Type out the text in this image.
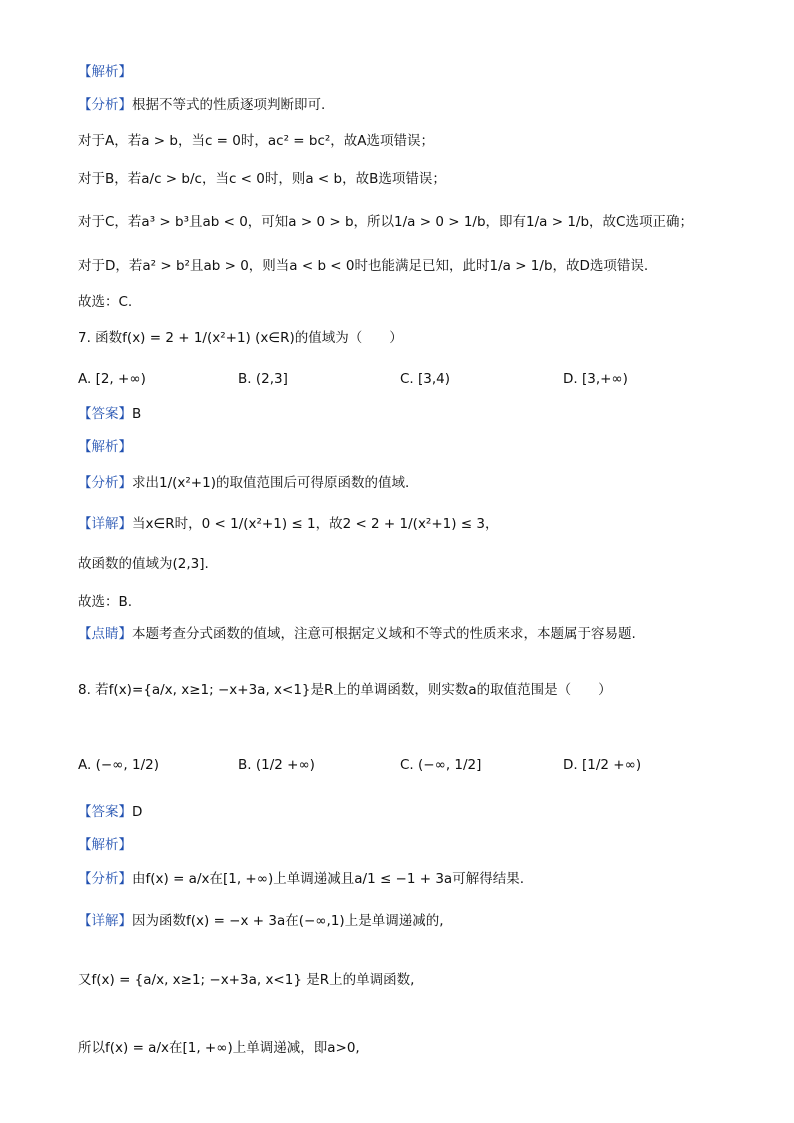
【解析】
【分析】根据不等式的性质逐项判断即可.
对于A，若a > b，当c = 0时，ac² = bc²，故A选项错误；
对于B，若a/c > b/c，当c < 0时，则a < b，故B选项错误；
对于C，若a³ > b³且ab < 0，可知a > 0 > b，所以1/a > 0 > 1/b，即有1/a > 1/b，故C选项正确；
对于D，若a² > b²且ab > 0，则当a < b < 0时也能满足已知，此时1/a > 1/b，故D选项错误.
故选：C.
7. 函数f(x) = 2 + 1/(x²+1) (x∈R)的值域为（　　）
A. [2, +∞)	B. (2,3]	C. [3,4)	D. [3,+∞)
【答案】B
【解析】
【分析】求出1/(x²+1)的取值范围后可得原函数的值域.
【详解】当x∈R时，0 < 1/(x²+1) ≤ 1，故2 < 2 + 1/(x²+1) ≤ 3，
故函数的值域为(2,3].
故选：B.
【点睛】本题考查分式函数的值域，注意可根据定义域和不等式的性质来求，本题属于容易题.
8. 若f(x)={a/x, x≥1; −x+3a, x<1}是R上的单调函数，则实数a的取值范围是（　　）
A. (−∞, 1/2)	B. (1/2 +∞)	C. (−∞, 1/2]	D. [1/2 +∞)
【答案】D
【解析】
【分析】由f(x) = a/x在[1, +∞)上单调递减且a/1 ≤ −1 + 3a可解得结果.
【详解】因为函数f(x) = −x + 3a在(−∞,1)上是单调递减的,
又f(x) = {a/x, x≥1; −x+3a, x<1} 是R上的单调函数,
所以f(x) = a/x在[1, +∞)上单调递减，即a>0,
